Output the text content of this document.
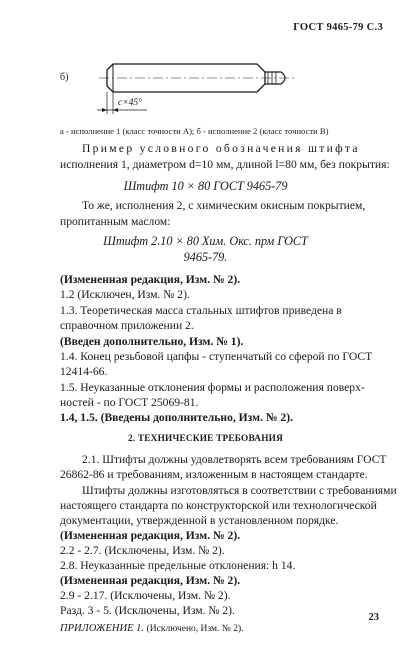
ГОСТ 9465-79 С.3
б)
c×45°
а - исполнение 1 (класс точности А); б - исполнение 2 (класс точности В)
Пример условного обозначения штифта
исполнения 1, диаметром d=10 мм, длиной l=80 мм, без покрытия:
Штифт 10 × 80 ГОСТ 9465-79
То же, исполнения 2, с химическим окисным покрытием,
пропитанным маслом:
Штифт 2.10 × 80 Хим. Окс. прм ГОСТ
9465-79.
(Измененная редакция, Изм. № 2).
1.2 (Исключен, Изм. № 2).
1.3. Теоретическая масса стальных штифтов приведена в
справочном приложении 2.
(Введен дополнительно, Изм. № 1).
1.4. Конец резьбовой цапфы - ступенчатый со сферой по ГОСТ
12414-66.
1.5. Неуказанные отклонения формы и расположения поверх-
ностей - по ГОСТ 25069-81.
1.4, 1.5. (Введены дополнительно, Изм. № 2).
2. ТЕХНИЧЕСКИЕ ТРЕБОВАНИЯ
2.1. Штифты должны удовлетворять всем требованиям ГОСТ
26862-86 и требованиям, изложенным в настоящем стандарте.
Штифты должны изготовляться в соответствии с требованиями
настоящего стандарта по конструкторской или технологической
документации, утвержденной в установленном порядке.
(Измененная редакция, Изм. № 2).
2.2 - 2.7. (Исключены, Изм. № 2).
2.8. Неуказанные предельные отклонения: h 14.
(Измененная редакция, Изм. № 2).
2.9 - 2.17. (Исключены, Изм. № 2).
Разд. 3 - 5. (Исключены, Изм. № 2).
ПРИЛОЖЕНИЕ 1. (Исключено, Изм. № 2).
23
